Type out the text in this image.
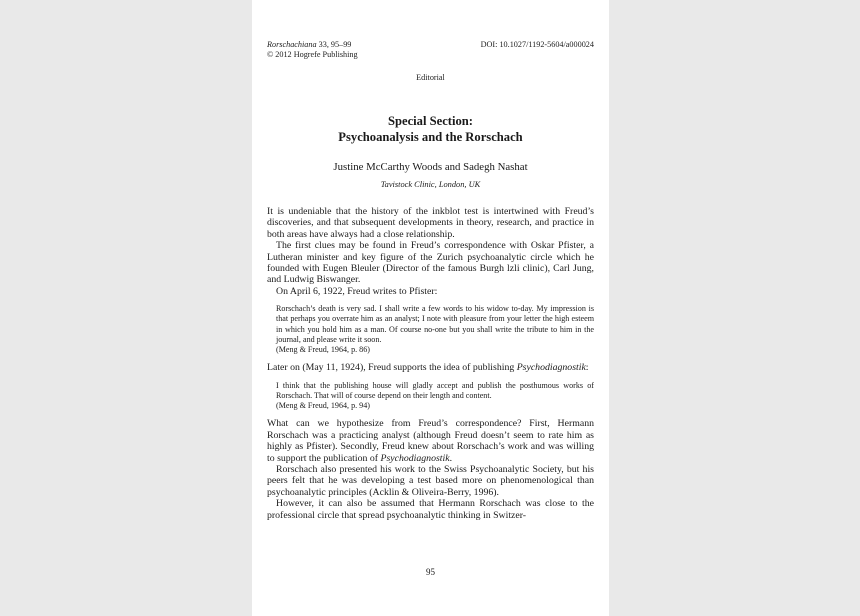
Rorschachiana 33, 95–99
© 2012 Hogrefe Publishing
DOI: 10.1027/1192-5604/a000024
Editorial
Special Section:
Psychoanalysis and the Rorschach
Justine McCarthy Woods and Sadegh Nashat
Tavistock Clinic, London, UK

It is undeniable that the history of the inkblot test is intertwined with Freud’s discoveries, and that subsequent developments in theory, research, and practice in both areas have always had a close relationship.

The first clues may be found in Freud’s correspondence with Oskar Pfister, a Lutheran minister and key figure of the Zurich psychoanalytic circle which he founded with Eugen Bleuler (Director of the famous Burgh lzli clinic), Carl Jung, and Ludwig Biswanger.

On April 6, 1922, Freud writes to Pfister:

Rorschach’s death is very sad. I shall write a few words to his widow to-day. My impression is that perhaps you overrate him as an analyst; I note with pleasure from your letter the high esteem in which you hold him as a man. Of course no-one but you shall write the tribute to him in the journal, and please write it soon.
(Meng & Freud, 1964, p. 86)

Later on (May 11, 1924), Freud supports the idea of publishing Psychodiagnostik:

I think that the publishing house will gladly accept and publish the posthumous works of Rorschach. That will of course depend on their length and content.
(Meng & Freud, 1964, p. 94)

What can we hypothesize from Freud’s correspondence? First, Hermann Rorschach was a practicing analyst (although Freud doesn’t seem to rate him as highly as Pfister). Secondly, Freud knew about Rorschach’s work and was willing to support the publication of Psychodiagnostik.

Rorschach also presented his work to the Swiss Psychoanalytic Society, but his peers felt that he was developing a test based more on phenomenological than psychoanalytic principles (Acklin & Oliveira-Berry, 1996).

However, it can also be assumed that Hermann Rorschach was close to the professional circle that spread psychoanalytic thinking in Switzer-

95
